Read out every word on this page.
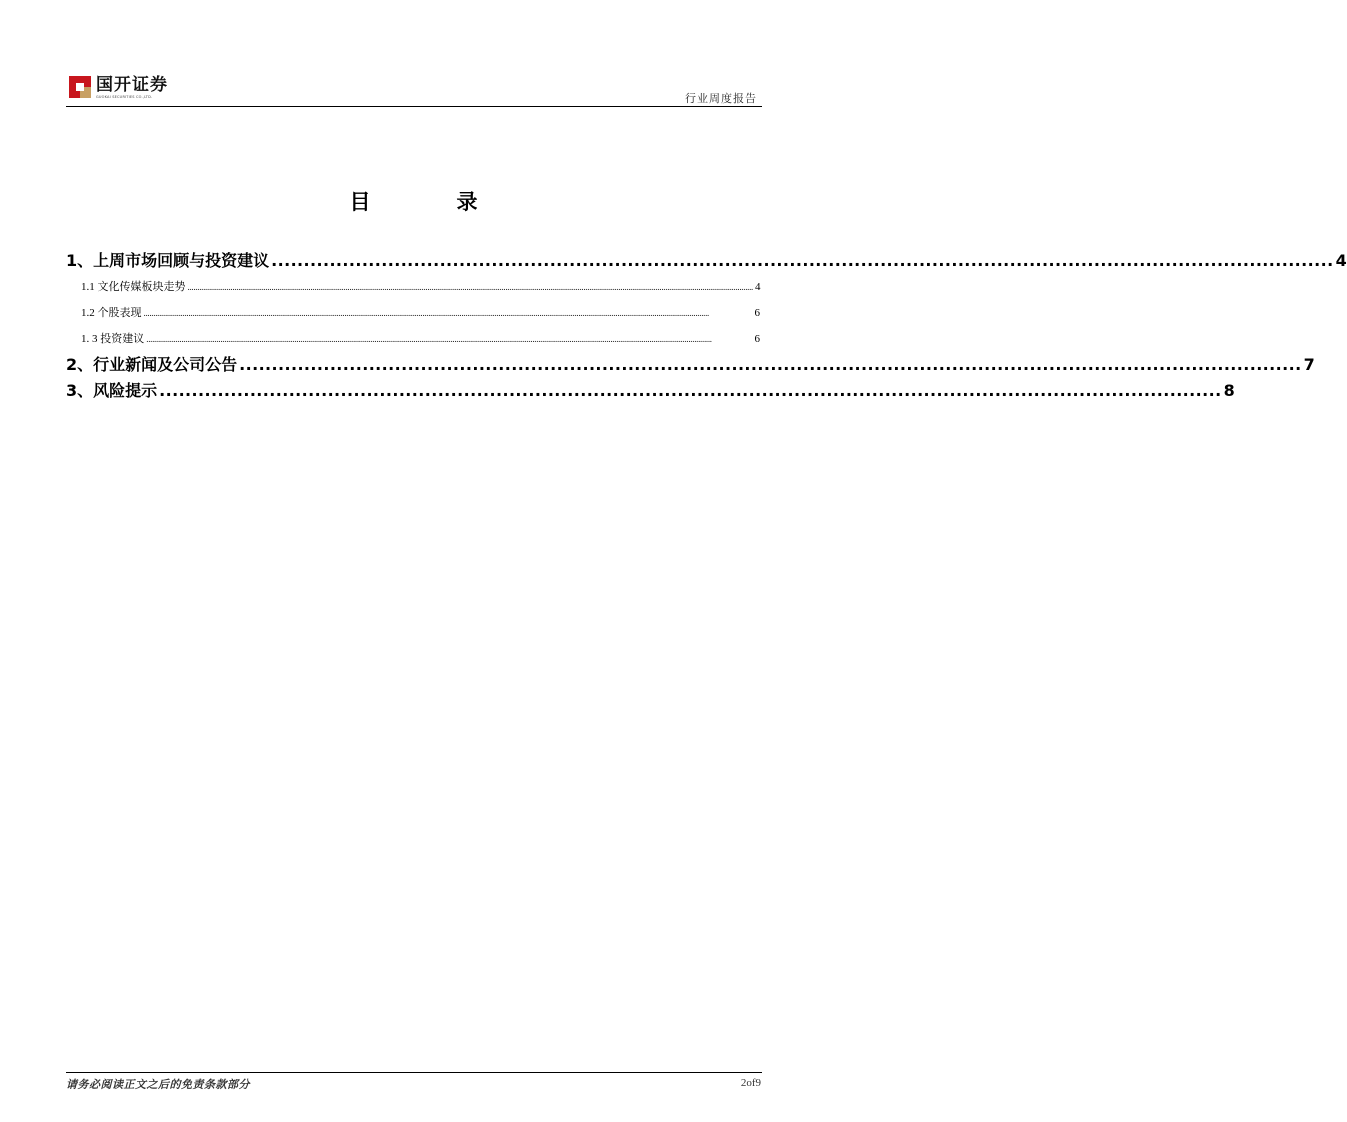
国开证券
GUOKAI SECURITIES CO.,LTD.	行业周度报告
目	录
1、上周市场回顾与投资建议 .................................................................................................................................................................... 4
1.1 文化传媒板块走势 .................................................................................................................................................................................................................................................................................................. 4
1.2 个股表现 ..................................................................................................................................................................................................................................................................................................	6
1. 3 投资建议 ..................................................................................................................................................................................................................................................................................................	6
2、行业新闻及公司公告 .................................................................................................................................................................... 7
3、风险提示 .................................................................................................................................................................... 8
请务必阅读正文之后的免责条款部分	2of9
